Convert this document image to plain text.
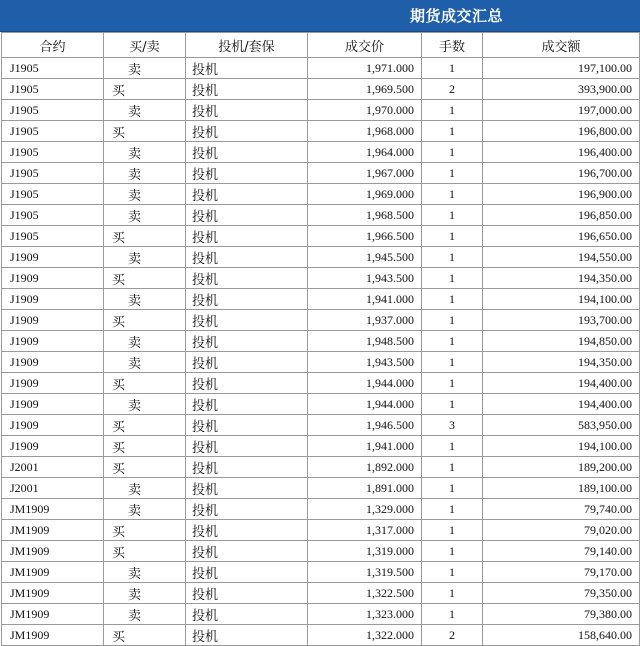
期货成交汇总
合约	买/卖	投机/套保	成交价	手数	成交额
J1905	卖	投机	1,971.000	1	197,100.00
J1905	买	投机	1,969.500	2	393,900.00
J1905	卖	投机	1,970.000	1	197,000.00
J1905	买	投机	1,968.000	1	196,800.00
J1905	卖	投机	1,964.000	1	196,400.00
J1905	卖	投机	1,967.000	1	196,700.00
J1905	卖	投机	1,969.000	1	196,900.00
J1905	卖	投机	1,968.500	1	196,850.00
J1905	买	投机	1,966.500	1	196,650.00
J1909	卖	投机	1,945.500	1	194,550.00
J1909	买	投机	1,943.500	1	194,350.00
J1909	卖	投机	1,941.000	1	194,100.00
J1909	买	投机	1,937.000	1	193,700.00
J1909	卖	投机	1,948.500	1	194,850.00
J1909	卖	投机	1,943.500	1	194,350.00
J1909	买	投机	1,944.000	1	194,400.00
J1909	卖	投机	1,944.000	1	194,400.00
J1909	买	投机	1,946.500	3	583,950.00
J1909	买	投机	1,941.000	1	194,100.00
J2001	买	投机	1,892.000	1	189,200.00
J2001	卖	投机	1,891.000	1	189,100.00
JM1909	卖	投机	1,329.000	1	79,740.00
JM1909	买	投机	1,317.000	1	79,020.00
JM1909	买	投机	1,319.000	1	79,140.00
JM1909	卖	投机	1,319.500	1	79,170.00
JM1909	卖	投机	1,322.500	1	79,350.00
JM1909	卖	投机	1,323.000	1	79,380.00
JM1909	买	投机	1,322.000	2	158,640.00
